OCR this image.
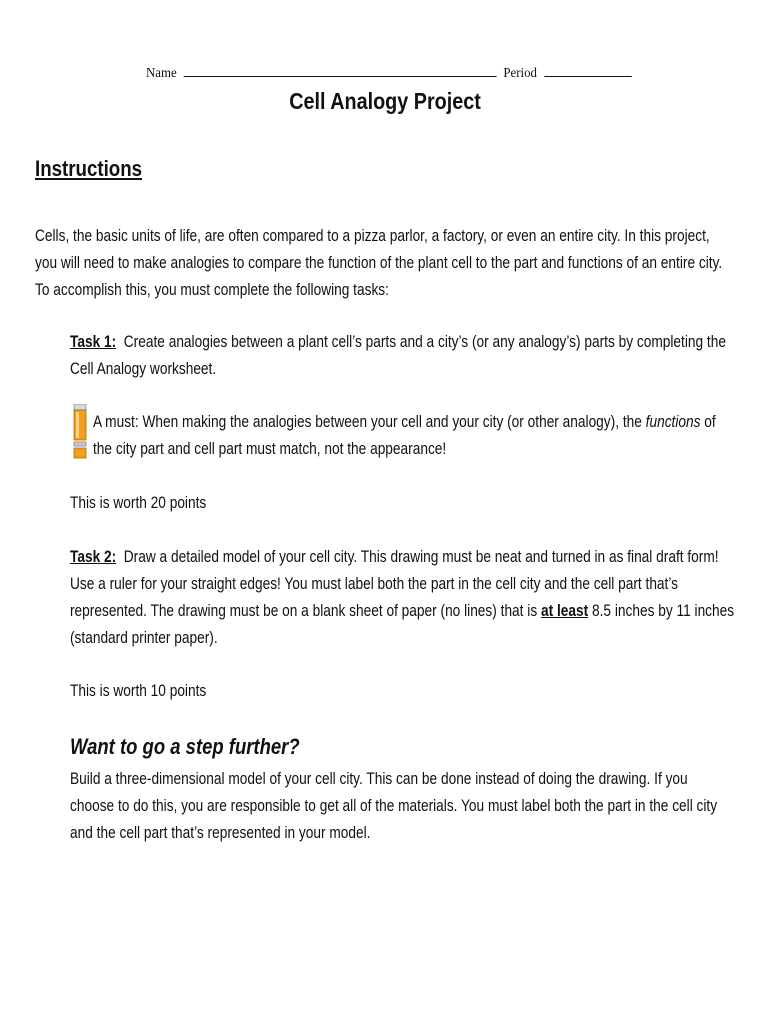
Name	Period
Cell Analogy Project
Instructions
Cells, the basic units of life, are often compared to a pizza parlor, a factory, or even an entire city. In this project, you will need to make analogies to compare the function of the plant cell to the part and functions of an entire city. To accomplish this, you must complete the following tasks:
Task 1: Create analogies between a plant cell’s parts and a city’s (or any analogy’s) parts by completing the Cell Analogy worksheet.
A must: When making the analogies between your cell and your city (or other analogy), the functions of the city part and cell part must match, not the appearance!
This is worth 20 points
Task 2: Draw a detailed model of your cell city. This drawing must be neat and turned in as final draft form! Use a ruler for your straight edges! You must label both the part in the cell city and the cell part that’s represented. The drawing must be on a blank sheet of paper (no lines) that is at least 8.5 inches by 11 inches (standard printer paper).
This is worth 10 points
Want to go a step further?
Build a three-dimensional model of your cell city. This can be done instead of doing the drawing. If you choose to do this, you are responsible to get all of the materials. You must label both the part in the cell city and the cell part that’s represented in your model.
